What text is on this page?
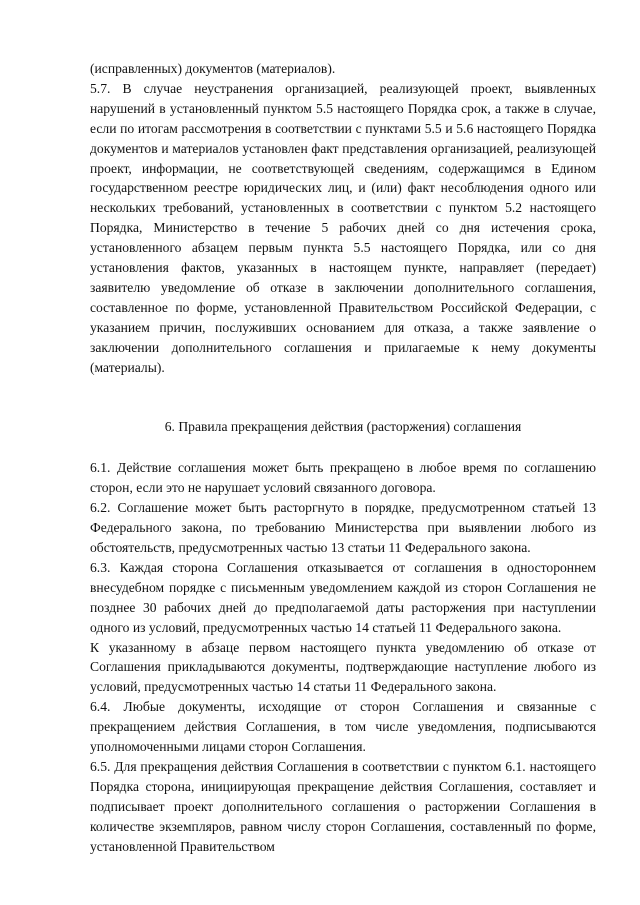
(исправленных) документов (материалов).

5.7. В случае неустранения организацией, реализующей проект, выявленных нарушений в установленный пунктом 5.5 настоящего Порядка срок, а также в случае, если по итогам рассмотрения в соответствии с пунктами 5.5 и 5.6 настоящего Порядка документов и материалов установлен факт представления организацией, реализующей проект, информации, не соответствующей сведениям, содержащимся в Едином государственном реестре юридических лиц, и (или) факт несоблюдения одного или нескольких требований, установленных в соответствии с пунктом 5.2 настоящего Порядка, Министерство в течение 5 рабочих дней со дня истечения срока, установленного абзацем первым пункта 5.5 настоящего Порядка, или со дня установления фактов, указанных в настоящем пункте, направляет (передает) заявителю уведомление об отказе в заключении дополнительного соглашения, составленное по форме, установленной Правительством Российской Федерации, с указанием причин, послуживших основанием для отказа, а также заявление о заключении дополнительного соглашения и прилагаемые к нему документы (материалы).

6. Правила прекращения действия (расторжения) соглашения

6.1. Действие соглашения может быть прекращено в любое время по соглашению сторон, если это не нарушает условий связанного договора.

6.2. Соглашение может быть расторгнуто в порядке, предусмотренном статьей 13 Федерального закона, по требованию Министерства при выявлении любого из обстоятельств, предусмотренных частью 13 статьи 11 Федерального закона.

6.3. Каждая сторона Соглашения отказывается от соглашения в одностороннем внесудебном порядке с письменным уведомлением каждой из сторон Соглашения не позднее 30 рабочих дней до предполагаемой даты расторжения при наступлении одного из условий, предусмотренных частью 14 статьей 11 Федерального закона.

К указанному в абзаце первом настоящего пункта уведомлению об отказе от Соглашения прикладываются документы, подтверждающие наступление любого из условий, предусмотренных частью 14 статьи 11 Федерального закона.

6.4. Любые документы, исходящие от сторон Соглашения и связанные с прекращением действия Соглашения, в том числе уведомления, подписываются уполномоченными лицами сторон Соглашения.

6.5. Для прекращения действия Соглашения в соответствии с пунктом 6.1. настоящего Порядка сторона, инициирующая прекращение действия Соглашения, составляет и подписывает проект дополнительного соглашения о расторжении Соглашения в количестве экземпляров, равном числу сторон Соглашения, составленный по форме, установленной Правительством
